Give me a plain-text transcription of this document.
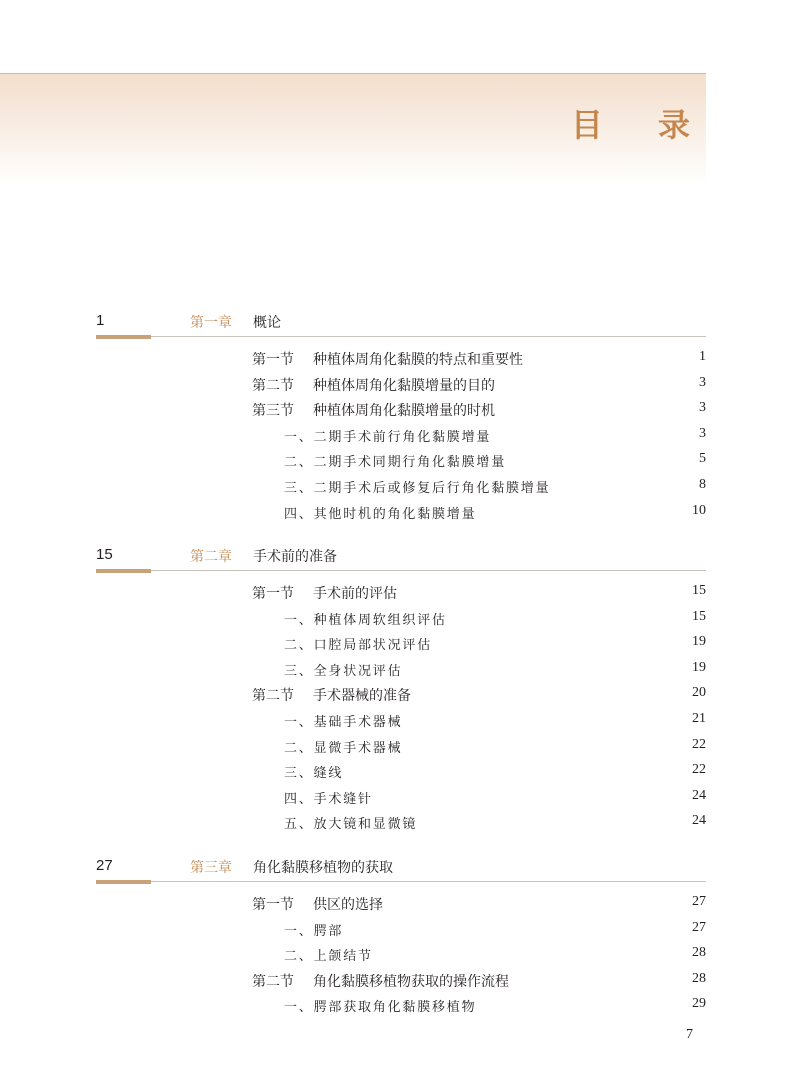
目 录
1	第一章 概论
第一节 种植体周角化黏膜的特点和重要性	1
第二节 种植体周角化黏膜增量的目的	3
第三节 种植体周角化黏膜增量的时机	3
一、二期手术前行角化黏膜增量	3
二、二期手术同期行角化黏膜增量	5
三、二期手术后或修复后行角化黏膜增量	8
四、其他时机的角化黏膜增量	10
15	第二章 手术前的准备
第一节 手术前的评估	15
一、种植体周软组织评估	15
二、口腔局部状况评估	19
三、全身状况评估	19
第二节 手术器械的准备	20
一、基础手术器械	21
二、显微手术器械	22
三、缝线	22
四、手术缝针	24
五、放大镜和显微镜	24
27	第三章 角化黏膜移植物的获取
第一节 供区的选择	27
一、腭部	27
二、上颌结节	28
第二节 角化黏膜移植物获取的操作流程	28
一、腭部获取角化黏膜移植物	29
7
